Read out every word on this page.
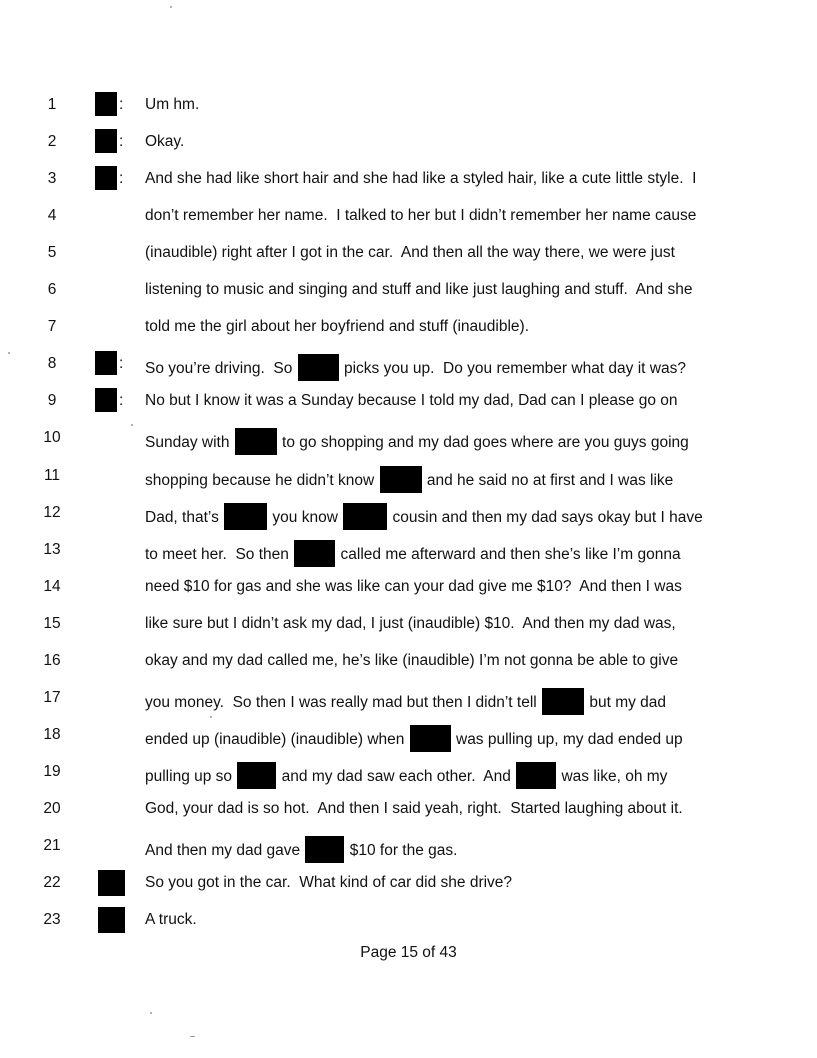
1	: Um hm.
2	: Okay.
3	: And she had like short hair and she had like a styled hair, like a cute little style.  I
4	don’t remember her name.  I talked to her but I didn’t remember her name cause
5	(inaudible) right after I got in the car.  And then all the way there, we were just
6	listening to music and singing and stuff and like just laughing and stuff.  And she
7	told me the girl about her boyfriend and stuff (inaudible).
8	: So you’re driving.  So	picks you up.  Do you remember what day it was?
9	: No but I know it was a Sunday because I told my dad, Dad can I please go on
10	Sunday with	to go shopping and my dad goes where are you guys going
11	shopping because he didn’t know	and he said no at first and I was like
12	Dad, that’s	you know	cousin and then my dad says okay but I have
13	to meet her.  So then	called me afterward and then she’s like I’m gonna
14	need $10 for gas and she was like can your dad give me $10?  And then I was
15	like sure but I didn’t ask my dad, I just (inaudible) $10.  And then my dad was,
16	okay and my dad called me, he’s like (inaudible) I’m not gonna be able to give
17	you money.  So then I was really mad but then I didn’t tell	but my dad
18	ended up (inaudible) (inaudible) when	was pulling up, my dad ended up
19	pulling up so	and my dad saw each other.  And	was like, oh my
20	God, your dad is so hot.  And then I said yeah, right.  Started laughing about it.
21	And then my dad gave	$10 for the gas.
22	So you got in the car.  What kind of car did she drive?
23	A truck.
Page 15 of 43
